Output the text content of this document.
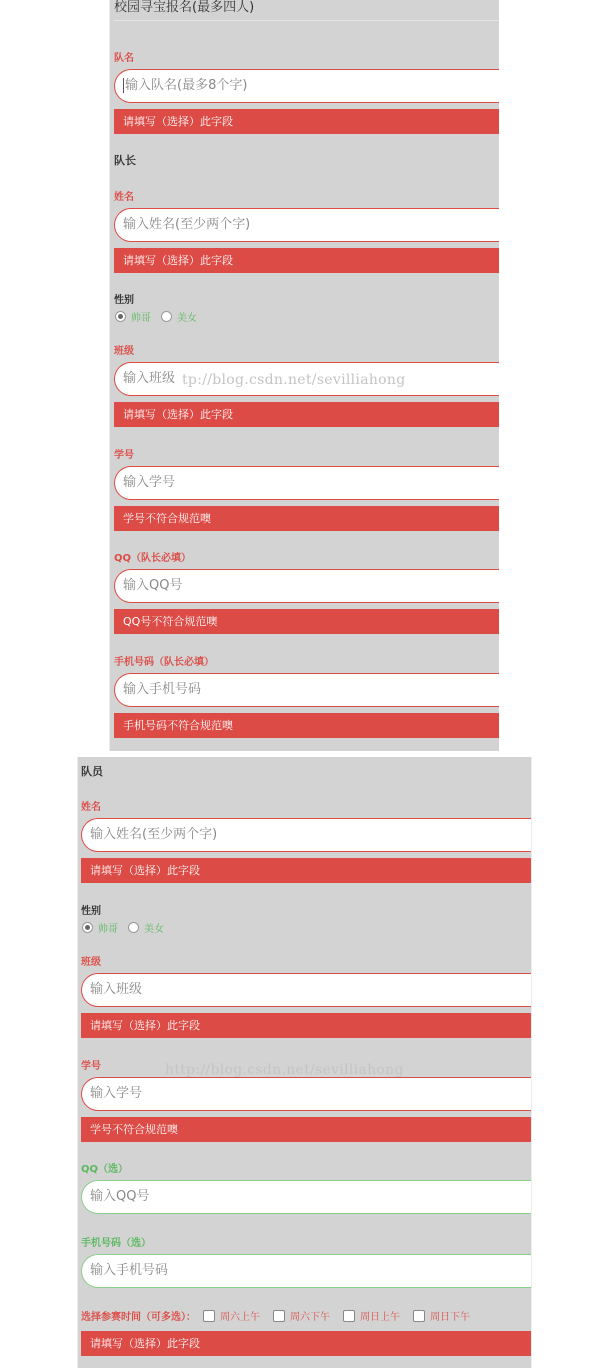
校园寻宝报名(最多四人)
队名
输入队名(最多8个字)
请填写（选择）此字段
队长
姓名
输入姓名(至少两个字)
请填写（选择）此字段
性别
帅哥	美女
班级
输入班级
请填写（选择）此字段
学号
输入学号
学号不符合规范噢
QQ（队长必填）
输入QQ号
QQ号不符合规范噢
手机号码（队长必填）
输入手机号码
手机号码不符合规范噢
tp://blog.csdn.net/sevilliahong
队员
姓名
输入姓名(至少两个字)
请填写（选择）此字段
性别
帅哥	美女
班级
输入班级
请填写（选择）此字段
学号
输入学号
学号不符合规范噢
QQ（选）
输入QQ号
手机号码（选）
输入手机号码
选择参赛时间（可多选）： 周六上午	周六下午	周日上午	周日下午
请填写（选择）此字段
http://blog.csdn.net/sevilliahong
